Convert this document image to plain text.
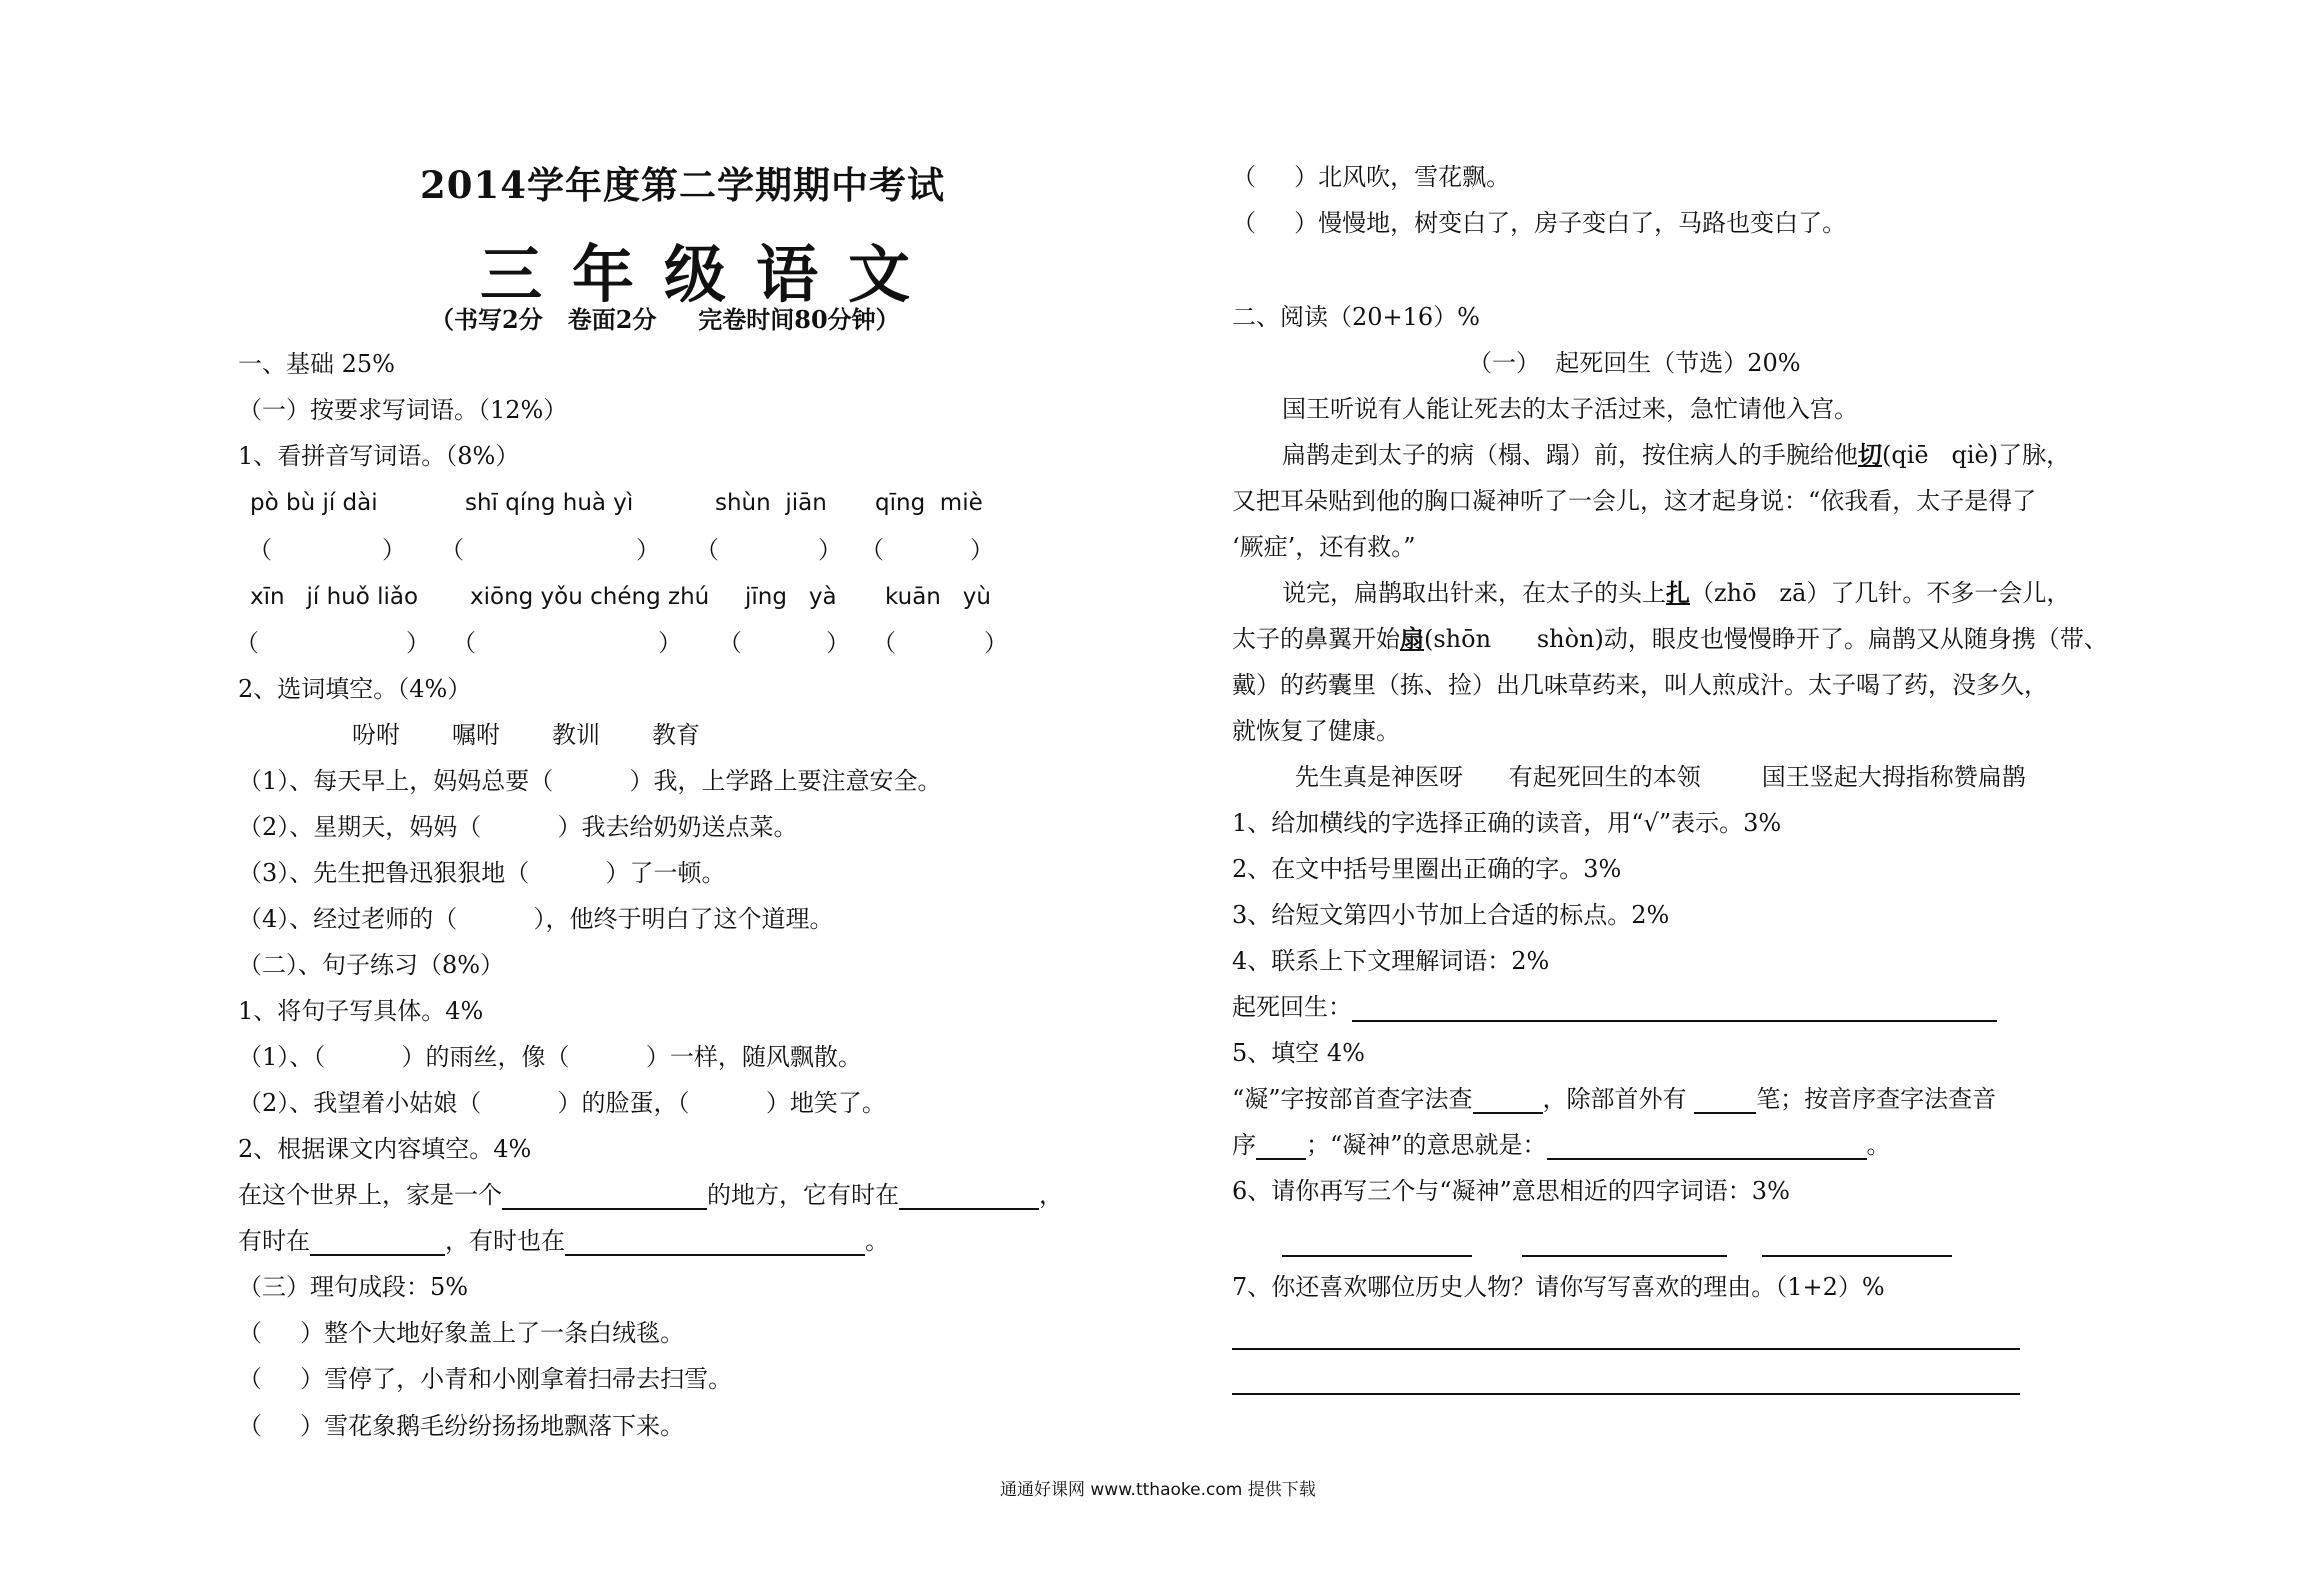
2014学年度第二学期期中考试
三年级语文
（书写2分   卷面2分     完卷时间80分钟）
一、基础 25%
（一）按要求写词语。（12%）
1、看拼音写词语。（8%）
pò bù jí dài	shī qíng huà yì	shùn  jiān qīng  miè
（	） （	） （	） （	）
xīn   jí huǒ liǎo xiōng yǒu chéng zhú jīng   yà kuān   yù
（	） （	） （	） （	）
2、选词填空。（4%）
吩咐 嘱咐 教训 教育
（1）、每天早上，妈妈总要（          ）我，上学路上要注意安全。
（2）、星期天，妈妈（          ）我去给奶奶送点菜。
（3）、先生把鲁迅狠狠地（          ）了一顿。
（4）、经过老师的（          ），他终于明白了这个道理。
（二）、句子练习（8%）
1、将句子写具体。4%
（1）、（          ）的雨丝，像（          ）一样，随风飘散。
（2）、我望着小姑娘（          ）的脸蛋，（          ）地笑了。
2、根据课文内容填空。4%
在这个世界上，家是一个	的地方，它有时在	，
有时在	，有时也在	。
（三）理句成段：5%
（     ）整个大地好象盖上了一条白绒毯。
（     ）雪停了，小青和小刚拿着扫帚去扫雪。
（     ）雪花象鹅毛纷纷扬扬地飘落下来。
（     ）北风吹，雪花飘。
（     ）慢慢地，树变白了，房子变白了，马路也变白了。
二、阅读（20+16）%
（一）  起死回生（节选）20%
国王听说有人能让死去的太子活过来，急忙请他入宫。
扁鹊走到太子的病（榻、蹋）前，按住病人的手腕给他切(qiē   qiè)了脉，
又把耳朵贴到他的胸口凝神听了一会儿，这才起身说：“依我看，太子是得了
‘厥症’，还有救。”
说完，扁鹊取出针来，在太子的头上扎（zhō   zā）了几针。不多一会儿，
太子的鼻翼开始扇(shōn      shòn)动，眼皮也慢慢睁开了。扁鹊又从随身携（带、
戴）的药囊里（拣、捡）出几味草药来，叫人煎成汁。太子喝了药，没多久，
就恢复了健康。
先生真是神医呀      有起死回生的本领        国王竖起大拇指称赞扁鹊
1、给加横线的字选择正确的读音，用“√”表示。3%
2、在文中括号里圈出正确的字。3%
3、给短文第四小节加上合适的标点。2%
4、联系上下文理解词语：2%
起死回生：
5、填空 4%
“凝”字按部首查字法查	，除部首外有	笔；按音序查字法查音
序 ；“凝神”的意思就是：	。
6、请你再写三个与“凝神”意思相近的四字词语：3%
7、你还喜欢哪位历史人物？请你写写喜欢的理由。（1+2）%
通通好课网 www.tthaoke.com 提供下载
